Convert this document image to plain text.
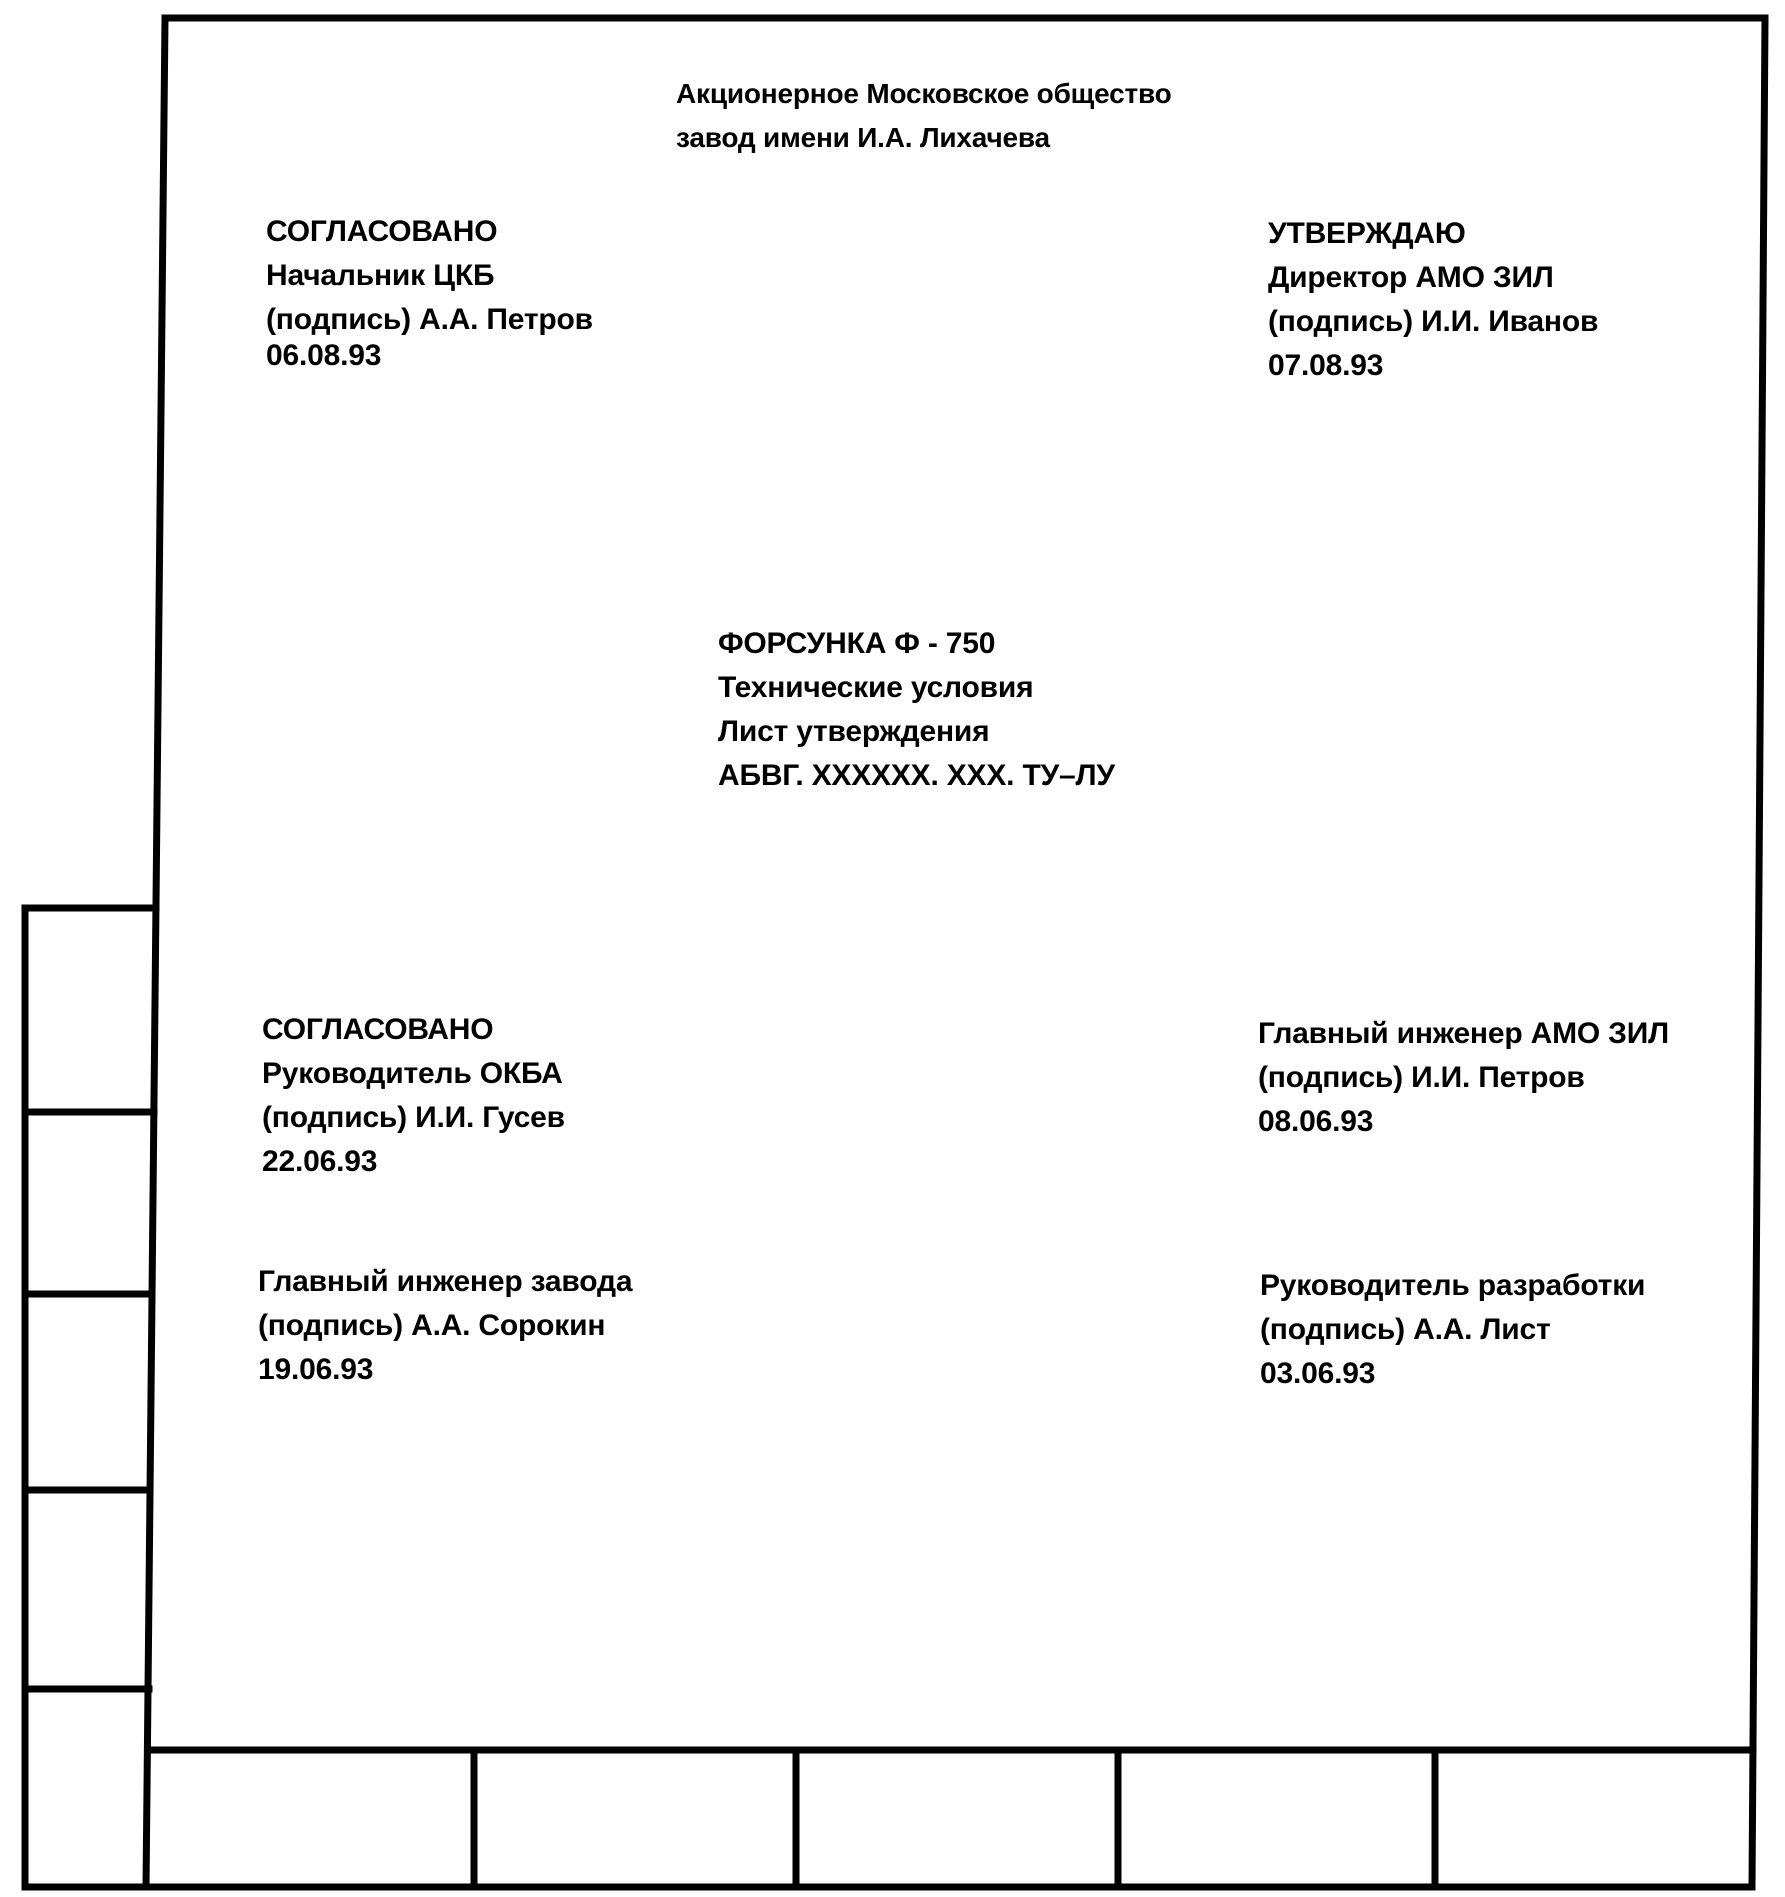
Акционерное Московское общество
завод имени И.А. Лихачева
СОГЛАСОВАНО
Начальник ЦКБ
(подпись) А.А. Петров
06.08.93
УТВЕРЖДАЮ
Директор АМО ЗИЛ
(подпись) И.И. Иванов
07.08.93
ФОРСУНКА Ф - 750
Технические условия
Лист утверждения
АБВГ. XXXXXX. XXX. ТУ–ЛУ
СОГЛАСОВАНО
Руководитель ОКБА
(подпись) И.И. Гусев
22.06.93
Главный инженер завода
(подпись) А.А. Сорокин
19.06.93
Главный инженер АМО ЗИЛ
(подпись) И.И. Петров
08.06.93
Руководитель разработки
(подпись) А.А. Лист
03.06.93
